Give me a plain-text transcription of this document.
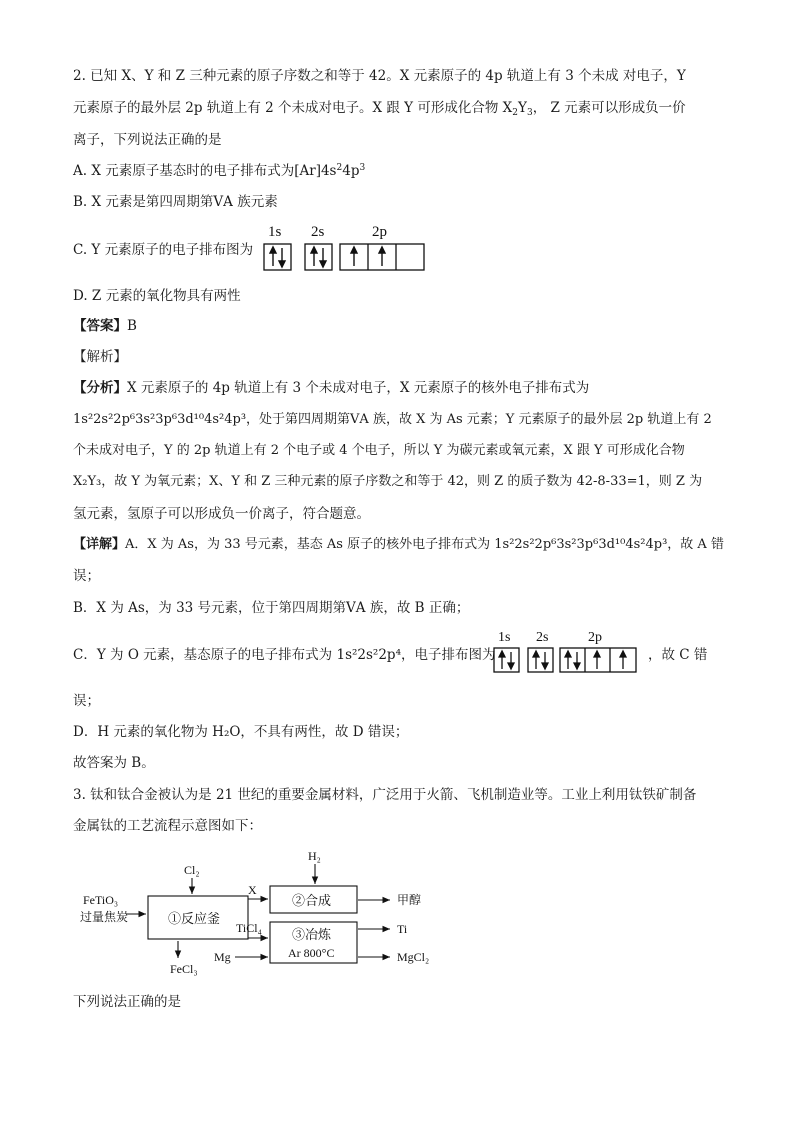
2. 已知 X、Y 和 Z 三种元素的原子序数之和等于 42。X 元素原子的 4p 轨道上有 3 个未成 对电子，Y
元素原子的最外层 2p 轨道上有 2 个未成对电子。X 跟 Y 可形成化合物 $X_2Y_3$， Z 元素可以形成负一价
离子，下列说法正确的是
A. X 元素原子基态时的电子排布式为$[Ar]4s^24p^3$
B. X 元素是第四周期第ⅤA 族元素
C. Y 元素原子的电子排布图为
1s 2s	2p
D. Z 元素的氧化物具有两性
【答案】B
【解析】
【分析】X 元素原子的 4p 轨道上有 3 个未成对电子，X 元素原子的核外电子排布式为
1s²2s²2p⁶3s²3p⁶3d¹⁰4s²4p³，处于第四周期第ⅤA 族，故 X 为 As 元素；Y 元素原子的最外层 2p 轨道上有 2
个未成对电子，Y 的 2p 轨道上有 2 个电子或 4 个电子，所以 Y 为碳元素或氧元素，X 跟 Y 可形成化合物
X₂Y₃，故 Y 为氧元素；X、Y 和 Z 三种元素的原子序数之和等于 42，则 Z 的质子数为 42-8-33=1，则 Z 为
氢元素，氢原子可以形成负一价离子，符合题意。
【详解】A．X 为 As，为 33 号元素，基态 As 原子的核外电子排布式为 1s²2s²2p⁶3s²3p⁶3d¹⁰4s²4p³，故 A 错
误；
B．X 为 As，为 33 号元素，位于第四周期第ⅤA 族，故 B 正确；
C．Y 为 O 元素，基态原子的电子排布式为 1s²2s²2p⁴，电子排布图为
1s 2s	2p
，故 C 错
误；
D．H 元素的氧化物为 H₂O，不具有两性，故 D 错误；
故答案为 B。
3. 钛和钛合金被认为是 21 世纪的重要金属材料，广泛用于火箭、飞机制造业等。工业上利用钛铁矿制备
金属钛的工艺流程示意图如下：
FeTiO₃
过量焦炭
Cl₂
①反应釜
FeCl₃
X
H₂
②合成	甲醇
TiCl₄ ③冶炼
Ar 800°C
Ti
Mg	MgCl₂
下列说法正确的是
